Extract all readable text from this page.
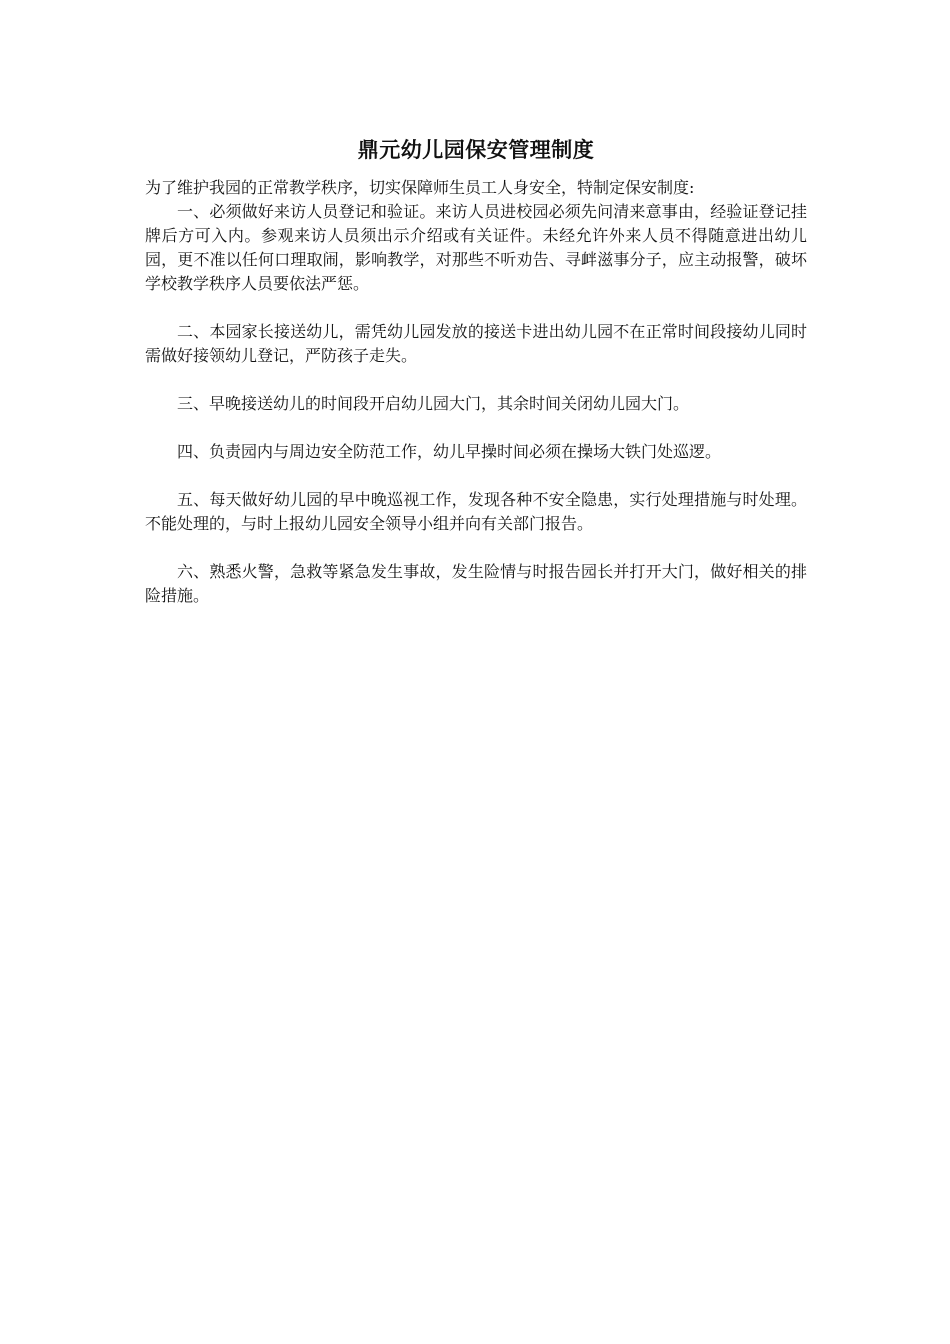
鼎元幼儿园保安管理制度

为了维护我园的正常教学秩序，切实保障师生员工人身安全，特制定保安制度:

一、必须做好来访人员登记和验证。来访人员进校园必须先问清来意事由，经验证登记挂牌后方可入内。参观来访人员须出示介绍或有关证件。未经允许外来人员不得随意进出幼儿园，更不准以任何口理取闹，影响教学，对那些不听劝告、寻衅滋事分子，应主动报警，破坏学校教学秩序人员要依法严惩。

二、本园家长接送幼儿，需凭幼儿园发放的接送卡进出幼儿园不在正常时间段接幼儿同时需做好接领幼儿登记，严防孩子走失。

三、早晚接送幼儿的时间段开启幼儿园大门，其余时间关闭幼儿园大门。

四、负责园内与周边安全防范工作，幼儿早操时间必须在操场大铁门处巡逻。

五、每天做好幼儿园的早中晚巡视工作，发现各种不安全隐患，实行处理措施与时处理。不能处理的，与时上报幼儿园安全领导小组并向有关部门报告。

六、熟悉火警，急救等紧急发生事故，发生险情与时报告园长并打开大门，做好相关的排险措施。
